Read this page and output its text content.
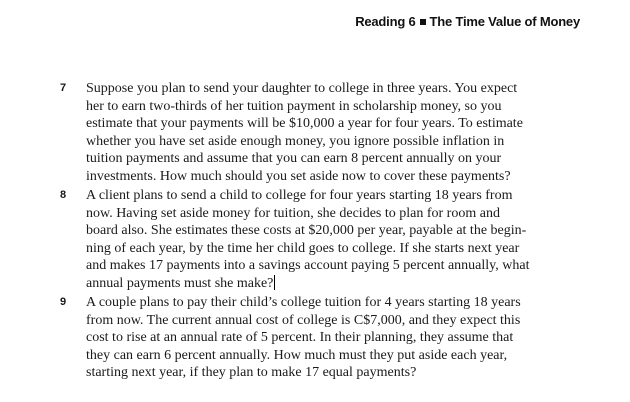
Reading 6 The Time Value of Money
7 Suppose you plan to send your daughter to college in three years. You expect
her to earn two-thirds of her tuition payment in scholarship money, so you
estimate that your payments will be $10,000 a year for four years. To estimate
whether you have set aside enough money, you ignore possible inflation in
tuition payments and assume that you can earn 8 percent annually on your
investments. How much should you set aside now to cover these payments?
8 A client plans to send a child to college for four years starting 18 years from
now. Having set aside money for tuition, she decides to plan for room and
board also. She estimates these costs at $20,000 per year, payable at the begin-
ning of each year, by the time her child goes to college. If she starts next year
and makes 17 payments into a savings account paying 5 percent annually, what
annual payments must she make?
9 A couple plans to pay their child’s college tuition for 4 years starting 18 years
from now. The current annual cost of college is C$7,000, and they expect this
cost to rise at an annual rate of 5 percent. In their planning, they assume that
they can earn 6 percent annually. How much must they put aside each year,
starting next year, if they plan to make 17 equal payments?
